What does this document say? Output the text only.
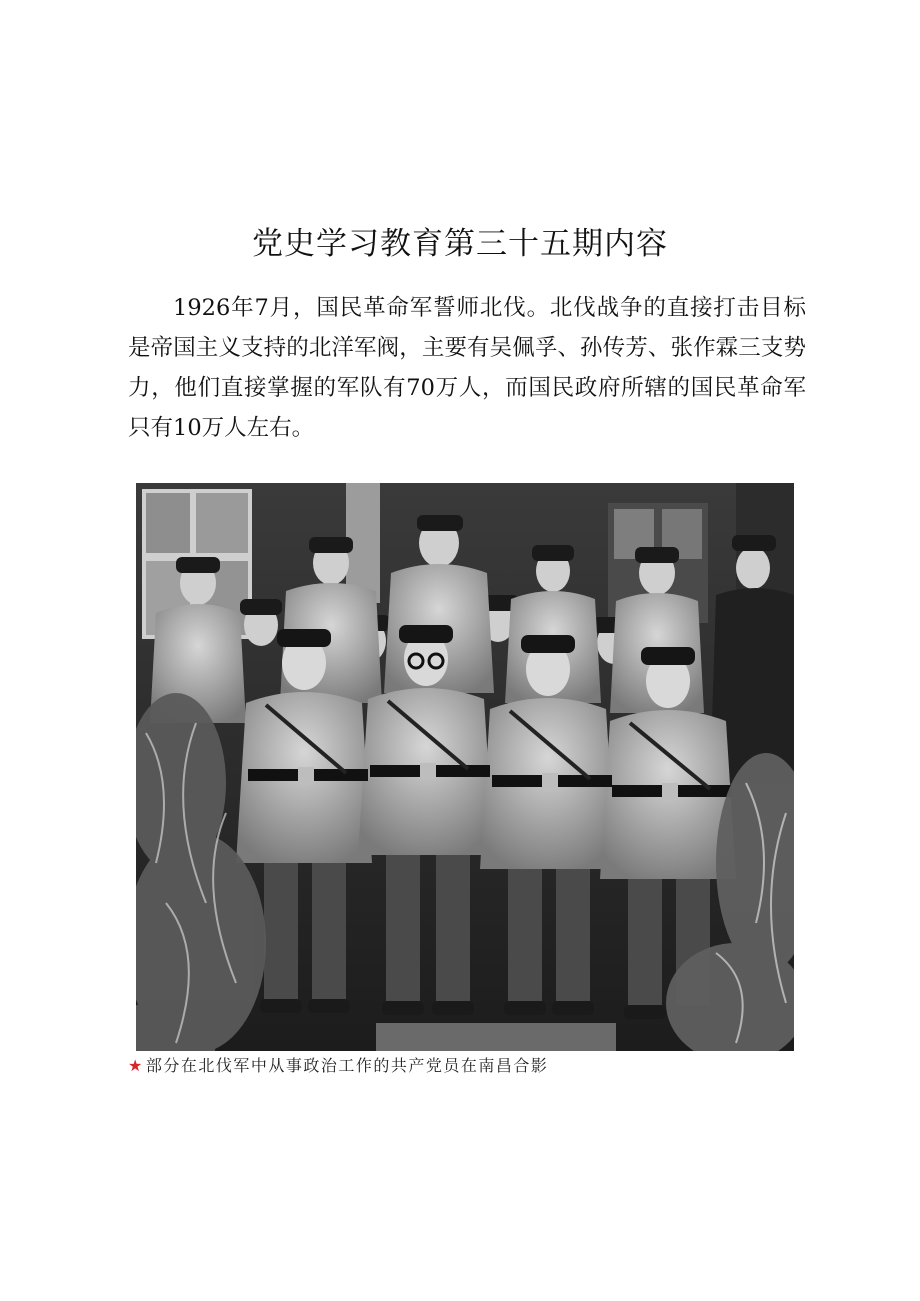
党史学习教育第三十五期内容

1926年7月，国民革命军誓师北伐。北伐战争的直接打击目标是帝国主义支持的北洋军阀，主要有吴佩孚、孙传芳、张作霖三支势力，他们直接掌握的军队有70万人，而国民政府所辖的国民革命军只有10万人左右。

★ 部分在北伐军中从事政治工作的共产党员在南昌合影
